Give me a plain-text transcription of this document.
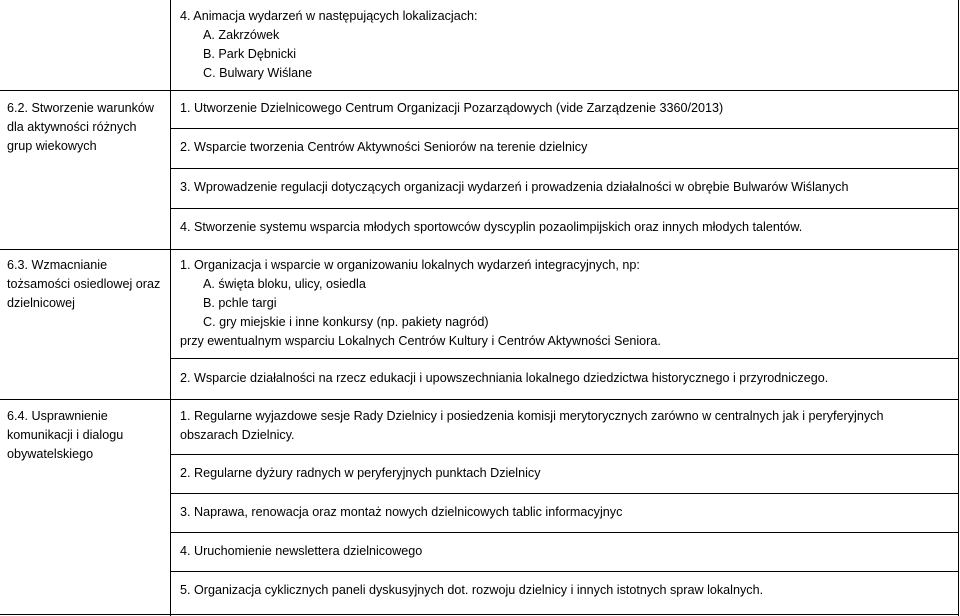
4. Animacja wydarzeń w następujących lokalizacjach:
A. Zakrzówek
B. Park Dębnicki
C. Bulwary Wiślane
6.2. Stworzenie warunków
dla aktywności różnych
grup wiekowych
1. Utworzenie Dzielnicowego Centrum Organizacji Pozarządowych (vide Zarządzenie 3360/2013)
2. Wsparcie tworzenia Centrów Aktywności Seniorów na terenie dzielnicy
3. Wprowadzenie regulacji dotyczących organizacji wydarzeń i prowadzenia działalności w obrębie Bulwarów Wiślanych
4. Stworzenie systemu wsparcia młodych sportowców dyscyplin pozaolimpijskich oraz innych młodych talentów.
6.3. Wzmacnianie
tożsamości osiedlowej oraz
dzielnicowej
1. Organizacja i wsparcie w organizowaniu lokalnych wydarzeń integracyjnych, np:
A. święta bloku, ulicy, osiedla
B. pchle targi
C. gry miejskie i inne konkursy (np. pakiety nagród)
przy ewentualnym wsparciu Lokalnych Centrów Kultury i Centrów Aktywności Seniora.
2. Wsparcie działalności na rzecz edukacji i upowszechniania lokalnego dziedzictwa historycznego i przyrodniczego.
6.4. Usprawnienie
komunikacji i dialogu
obywatelskiego
1. Regularne wyjazdowe sesje Rady Dzielnicy i posiedzenia komisji merytorycznych zarówno w centralnych jak i peryferyjnych
obszarach Dzielnicy.
2. Regularne dyżury radnych w peryferyjnych punktach Dzielnicy
3. Naprawa, renowacja oraz montaż nowych dzielnicowych tablic informacyjnyc
4. Uruchomienie newslettera dzielnicowego
5. Organizacja cyklicznych paneli dyskusyjnych dot. rozwoju dzielnicy i innych istotnych spraw lokalnych.
